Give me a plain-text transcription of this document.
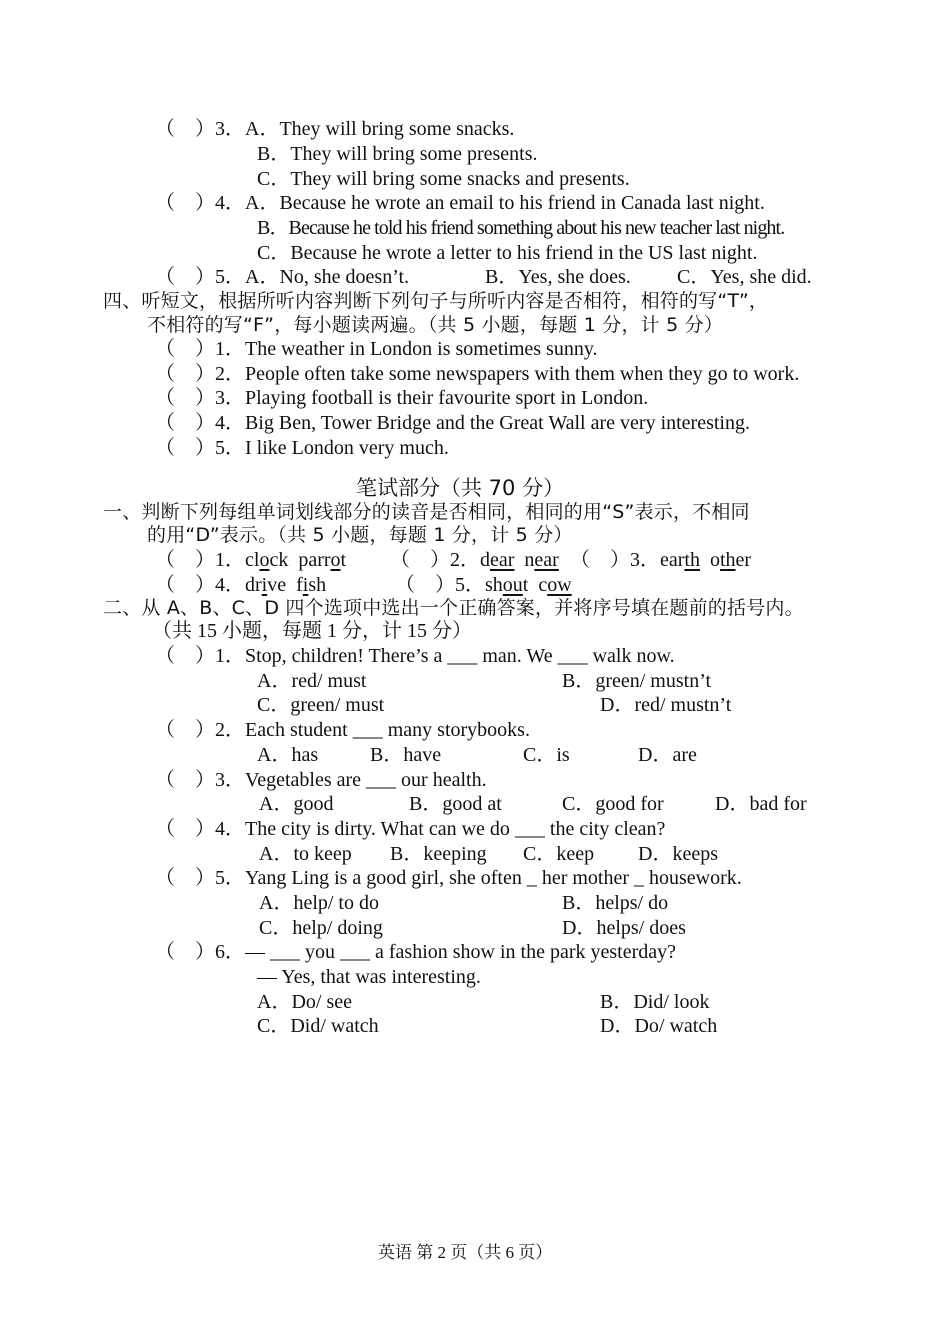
（　）3．A．They will bring some snacks.
B．They will bring some presents.
C．They will bring some snacks and presents.
（　）4．A．Because he wrote an email to his friend in Canada last night.
B．Because he told his friend something about his new teacher last night.
C．Because he wrote a letter to his friend in the US last night.
（　）5．A．No, she doesn’t.	B．Yes, she does. C．Yes, she did.
四、听短文，根据所听内容判断下列句子与所听内容是否相符，相符的写“T”，
不相符的写“F”，每小题读两遍。（共 5 小题，每题 1 分，计 5 分）
（　）1．The weather in London is sometimes sunny.
（　）2．People often take some newspapers with them when they go to work.
（　）3．Playing football is their favourite sport in London.
（　）4．Big Ben, Tower Bridge and the Great Wall are very interesting.
（　）5．I like London very much.
笔试部分（共 70 分）
一、判断下列每组单词划线部分的读音是否相同，相同的用“S”表示，不相同
的用“D”表示。（共 5 小题，每题 1 分，计 5 分）
（　）1．clock parrot （　）2．dear near （　）3．earth other
（　）4．drive fish	（　）5．shout cow
二、从 A、B、C、D 四个选项中选出一个正确答案，并将序号填在题前的括号内。
（共 15 小题，每题 1 分，计 15 分）
（　）1．Stop, children! There’s a ___ man. We ___ walk now.
A．red/ must	B．green/ mustn’t
C．green/ must	D．red/ mustn’t
（　）2．Each student ___ many storybooks.
A．has	B．have	C．is	D．are
（　）3．Vegetables are ___ our health.
A．good	B．good at	C．good for	D．bad for
（　）4．The city is dirty. What can we do ___ the city clean?
A．to keep B．keeping C．keep D．keeps
（　）5．Yang Ling is a good girl, she often _ her mother _ housework.
A．help/ to do	B．helps/ do
C．help/ doing	D．helps/ does
（　）6．— ___ you ___ a fashion show in the park yesterday?
— Yes, that was interesting.
A．Do/ see	B．Did/ look
C．Did/ watch	D．Do/ watch
英语 第 2 页（共 6 页）
